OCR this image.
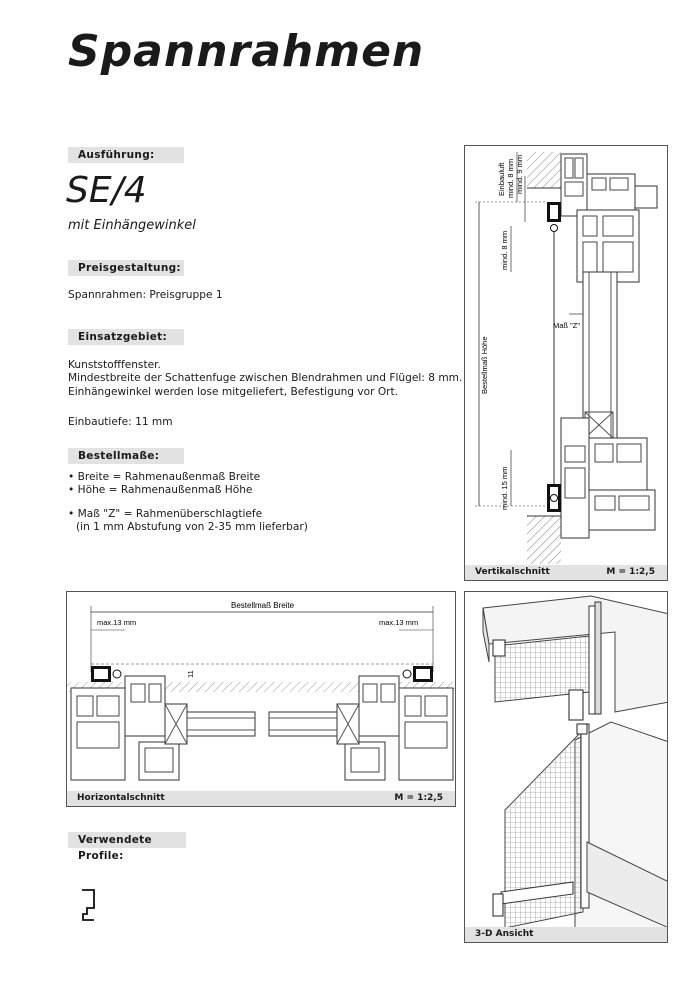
Spannrahmen
Ausführung:
SE/4
mit Einhängewinkel
Preisgestaltung:

Spannrahmen: Preisgruppe 1

Einsatzgebiet:

Kunststofffenster.

Mindestbreite der Schattenfuge zwischen Blendrahmen und Flügel: 8 mm.

Einhängewinkel werden lose mitgeliefert, Befestigung vor Ort.

Einbautiefe: 11 mm

Bestellmaße:

• Breite = Rahmenaußenmaß Breite

• Höhe = Rahmenaußenmaß Höhe

• Maß "Z" = Rahmenüberschlagtiefe

(in 1 mm Abstufung von 2-35 mm lieferbar)

Verwendete Profile:
Einbauluft mind. 8 mm mind. 9 mm
mind. 8 mm
Maß "Z"
Bestellmaß Höhe
mind. 15 mm
Vertikalschnitt	M = 1:2,5
Bestellmaß Breite
max.13 mm	max.13 mm
11
Horizontalschnitt	M = 1:2,5
3-D Ansicht
